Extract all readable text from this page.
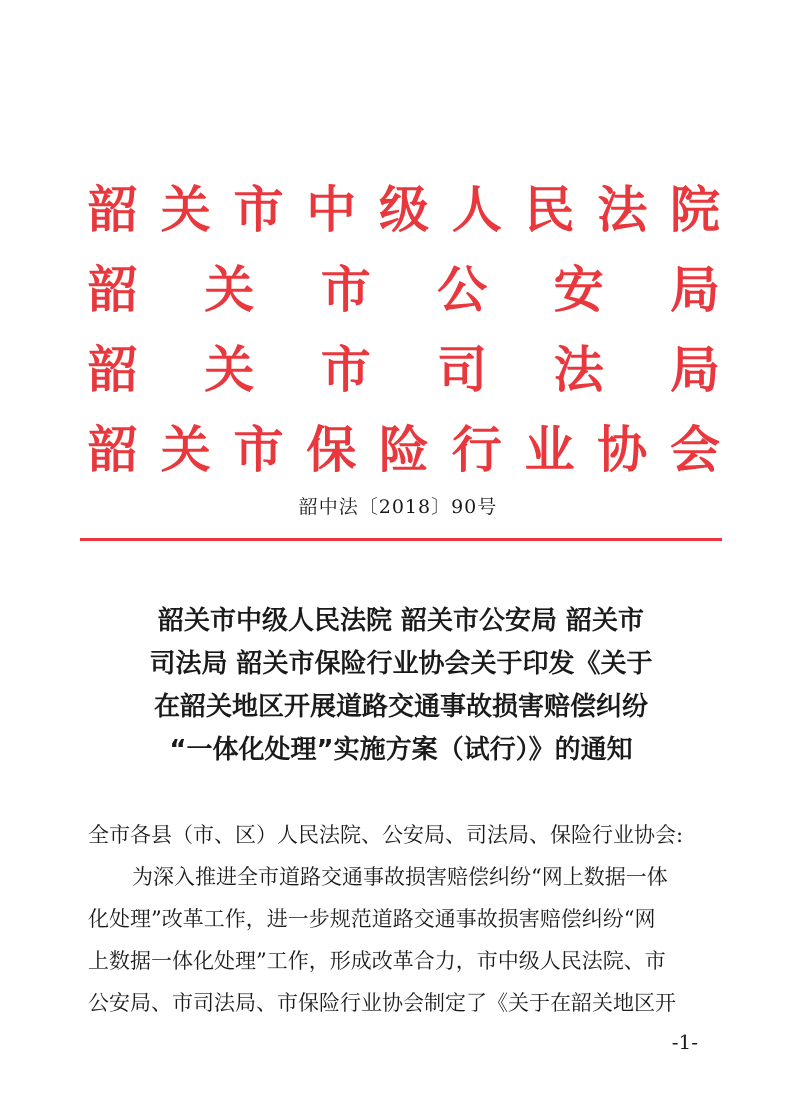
韶 关 市 中 级 人 民 法 院
韶 关 市 公 安 局
韶 关 市 司 法 局
韶 关 市 保 险 行 业 协 会
韶中法〔2018〕90号
韶关市中级人民法院 韶关市公安局 韶关市
司法局 韶关市保险行业协会关于印发《关于
在韶关地区开展道路交通事故损害赔偿纠纷
“一体化处理”实施方案（试行）》的通知
全市各县（市、区）人民法院、公安局、司法局、保险行业协会:
为深入推进全市道路交通事故损害赔偿纠纷“网上数据一体
化处理”改革工作，进一步规范道路交通事故损害赔偿纠纷“网
上数据一体化处理”工作，形成改革合力，市中级人民法院、市
公安局、市司法局、市保险行业协会制定了《关于在韶关地区开
-1-
